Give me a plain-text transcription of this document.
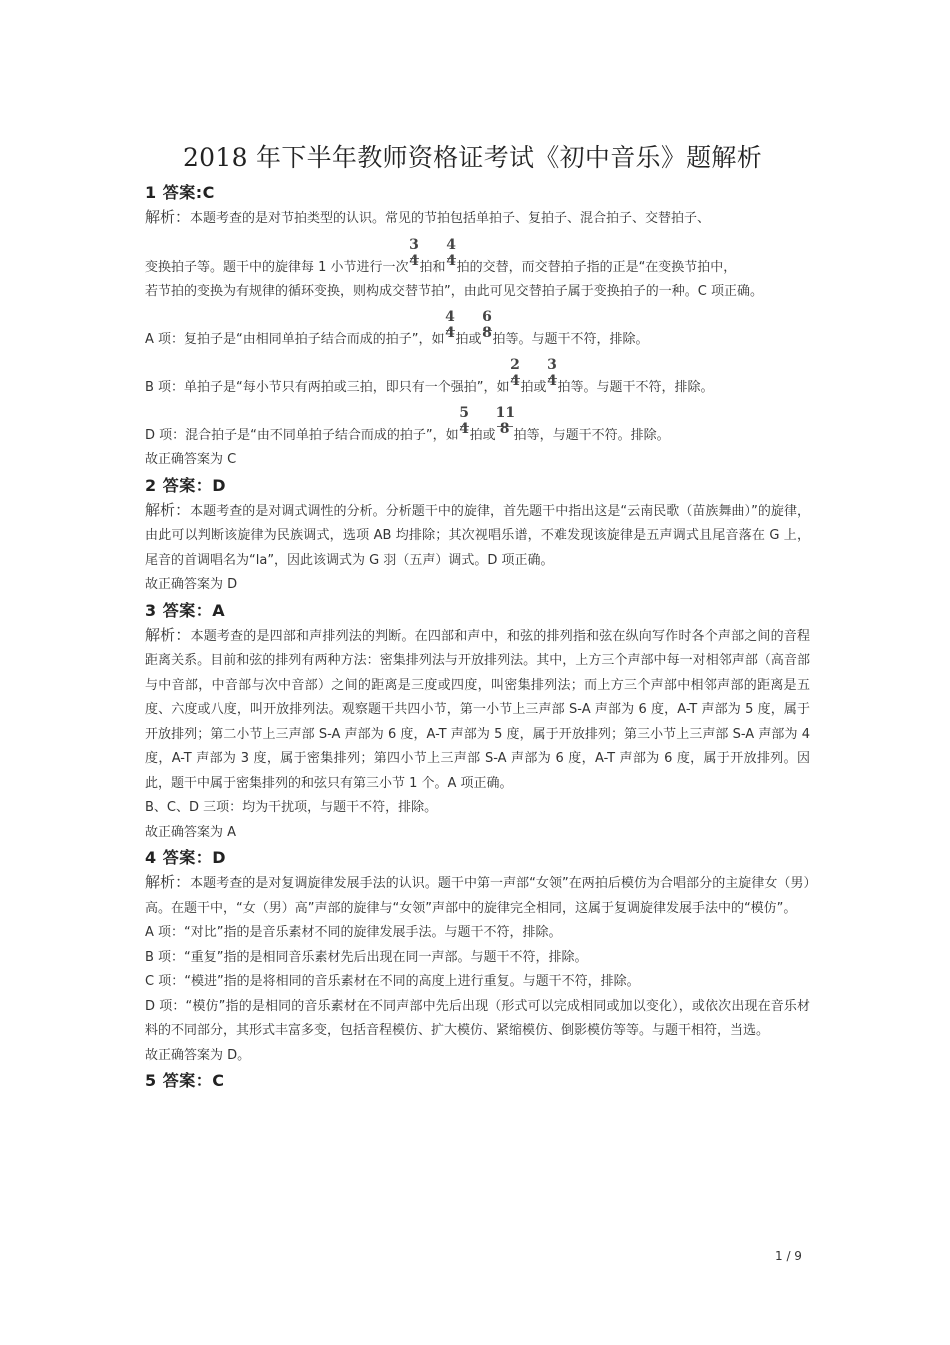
2018 年下半年教师资格证考试《初中音乐》题解析
1 答案:C
解析：本题考查的是对节拍类型的认识。常见的节拍包括单拍子、复拍子、混合拍子、交替拍子、
变换拍子等。题干中的旋律每 1 小节进行一次
3
4 拍和
4
4 拍的交替，而交替拍子指的正是“在变换节拍中，
若节拍的变换为有规律的循环变换，则构成交替节拍”，由此可见交替拍子属于变换拍子的一种。C 项正确。
A 项：复拍子是“由相同单拍子结合而成的拍子”，如
4
4 拍或
6
8 拍等。与题干不符，排除。
B 项：单拍子是“每小节只有两拍或三拍，即只有一个强拍”，如
2
4 拍或
3
4 拍等。与题干不符，排除。
D 项：混合拍子是“由不同单拍子结合而成的拍子”，如
5
4 拍或
11
8 拍等，与题干不符。排除。
故正确答案为 C
2 答案：D
解析：本题考查的是对调式调性的分析。分析题干中的旋律，首先题干中指出这是“云南民歌（苗族舞曲）”的旋律，由此可以判断该旋律为民族调式，选项 AB 均排除；其次视唱乐谱，不难发现该旋律是五声调式且尾音落在 G 上，尾音的首调唱名为“la”，因此该调式为 G 羽（五声）调式。D 项正确。
故正确答案为 D
3 答案：A
解析：本题考查的是四部和声排列法的判断。在四部和声中，和弦的排列指和弦在纵向写作时各个声部之间的音程距离关系。目前和弦的排列有两种方法：密集排列法与开放排列法。其中，上方三个声部中每一对相邻声部（高音部与中音部，中音部与次中音部）之间的距离是三度或四度，叫密集排列法；而上方三个声部中相邻声部的距离是五度、六度或八度，叫开放排列法。观察题干共四小节，第一小节上三声部 S-A 声部为 6 度，A-T 声部为 5 度，属于开放排列；第二小节上三声部 S-A 声部为 6 度，A-T 声部为 5 度，属于开放排列；第三小节上三声部 S-A 声部为 4 度，A-T 声部为 3 度，属于密集排列；第四小节上三声部 S-A 声部为 6 度，A-T 声部为 6 度，属于开放排列。因此，题干中属于密集排列的和弦只有第三小节 1 个。A 项正确。
B、C、D 三项：均为干扰项，与题干不符，排除。
故正确答案为 A
4 答案：D
解析：本题考查的是对复调旋律发展手法的认识。题干中第一声部“女领”在两拍后模仿为合唱部分的主旋律女（男）高。在题干中，“女（男）高”声部的旋律与“女领”声部中的旋律完全相同，这属于复调旋律发展手法中的“模仿”。
A 项：“对比”指的是音乐素材不同的旋律发展手法。与题干不符，排除。
B 项：“重复”指的是相同音乐素材先后出现在同一声部。与题干不符，排除。
C 项：“模进”指的是将相同的音乐素材在不同的高度上进行重复。与题干不符，排除。
D 项：“模仿”指的是相同的音乐素材在不同声部中先后出现（形式可以完成相同或加以变化），或依次出现在音乐材料的不同部分，其形式丰富多变，包括音程模仿、扩大模仿、紧缩模仿、倒影模仿等等。与题干相符，当选。
故正确答案为 D。
5 答案：C
1 / 9
